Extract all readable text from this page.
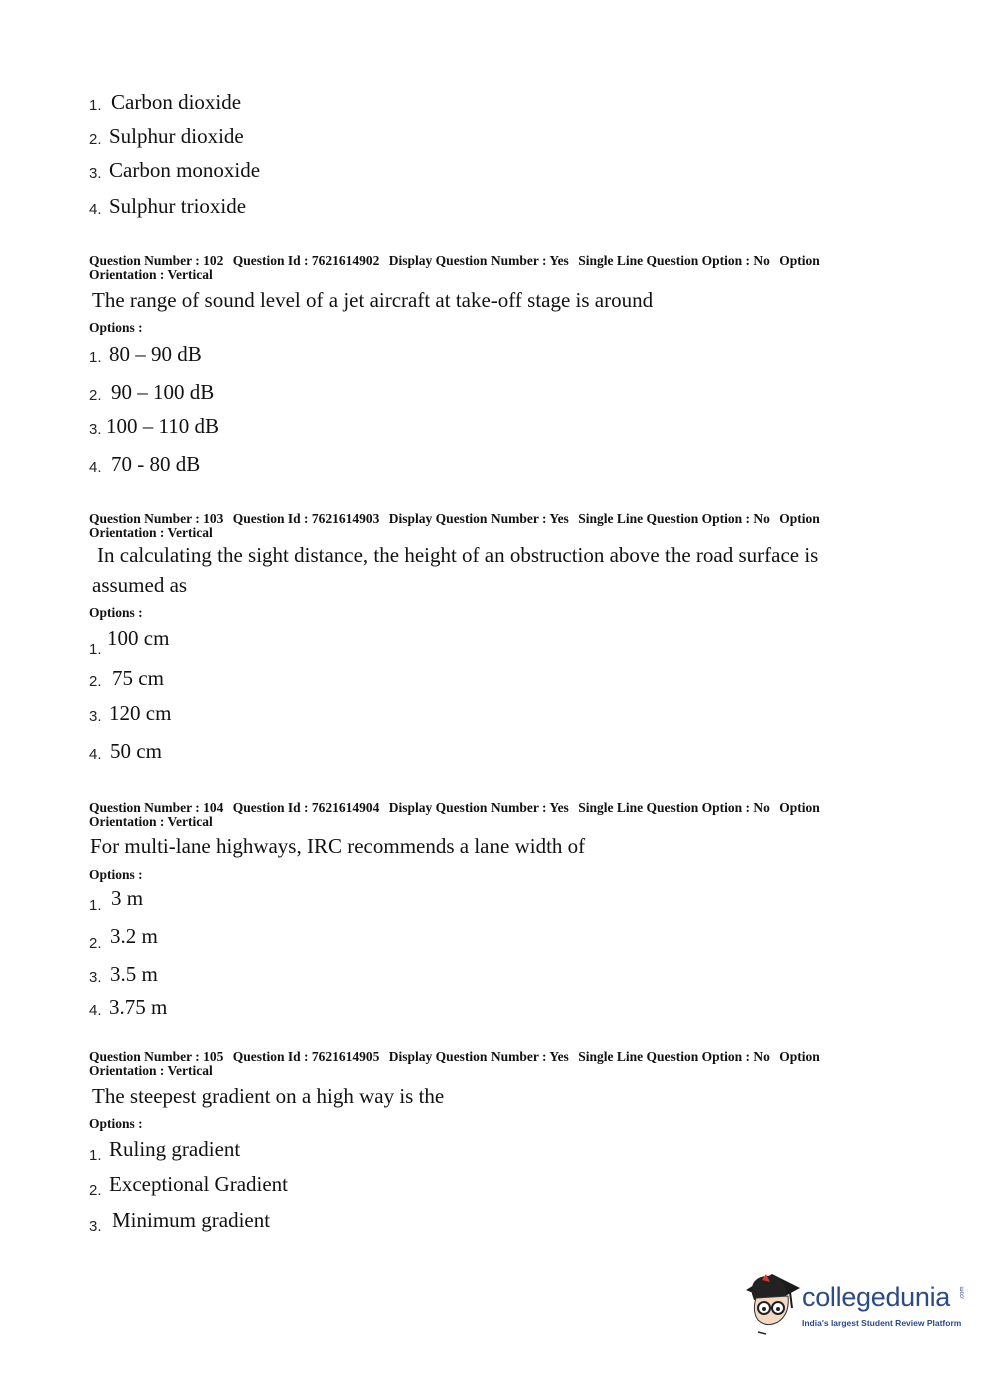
1. Carbon dioxide
2. Sulphur dioxide
3. Carbon monoxide
4. Sulphur trioxide
Question Number : 102 Question Id : 7621614902 Display Question Number : Yes Single Line Question Option : No Option Orientation : Vertical
The range of sound level of a jet aircraft at take-off stage is around
Options :
1. 80 – 90 dB
2. 90 – 100 dB
3. 100 – 110 dB
4. 70 - 80 dB
Question Number : 103 Question Id : 7621614903 Display Question Number : Yes Single Line Question Option : No Option Orientation : Vertical
In calculating the sight distance, the height of an obstruction above the road surface is
assumed as
Options :
1. 100 cm
2. 75 cm
3. 120 cm
4. 50 cm
Question Number : 104 Question Id : 7621614904 Display Question Number : Yes Single Line Question Option : No Option Orientation : Vertical
For multi-lane highways, IRC recommends a lane width of
Options :
1. 3 m
2. 3.2 m
3. 3.5 m
4. 3.75 m
Question Number : 105 Question Id : 7621614905 Display Question Number : Yes Single Line Question Option : No Option Orientation : Vertical
The steepest gradient on a high way is the
Options :
1. Ruling gradient
2. Exceptional Gradient
3. Minimum gradient
collegedunia .com
India's largest Student Review Platform
